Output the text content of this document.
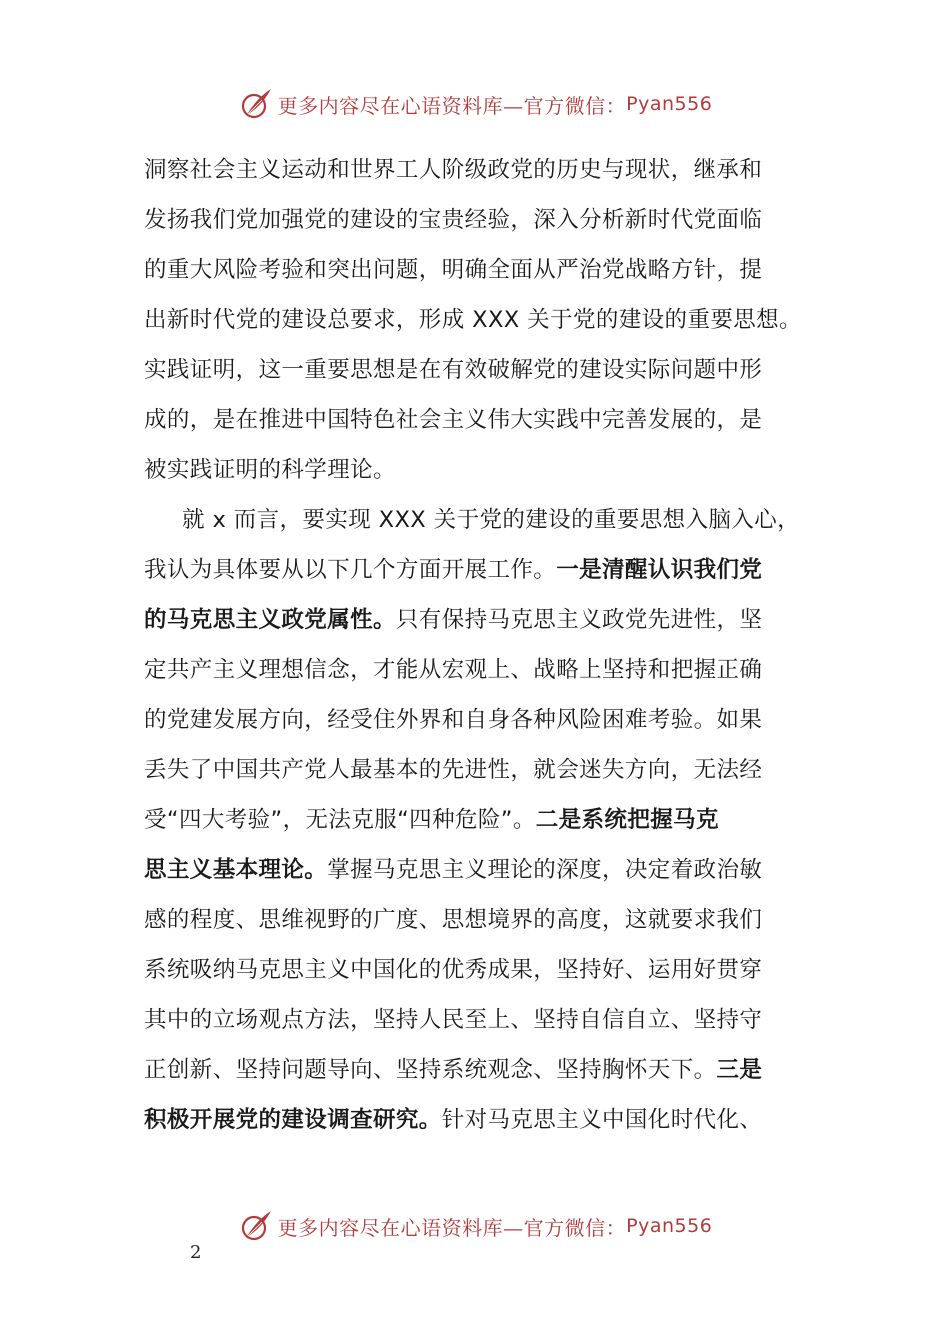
更多内容尽在心语资料库—官方微信： Pyan556
洞察社会主义运动和世界工人阶级政党的历史与现状，继承和
发扬我们党加强党的建设的宝贵经验，深入分析新时代党面临
的重大风险考验和突出问题，明确全面从严治党战略方针，提
出新时代党的建设总要求，形成 XXX 关于党的建设的重要思想。
实践证明，这一重要思想是在有效破解党的建设实际问题中形
成的，是在推进中国特色社会主义伟大实践中完善发展的，是
被实践证明的科学理论。
就 x 而言，要实现 XXX 关于党的建设的重要思想入脑入心，
我认为具体要从以下几个方面开展工作。一是清醒认识我们党
的马克思主义政党属性。只有保持马克思主义政党先进性，坚
定共产主义理想信念，才能从宏观上、战略上坚持和把握正确
的党建发展方向，经受住外界和自身各种风险困难考验。如果
丢失了中国共产党人最基本的先进性，就会迷失方向，无法经
受“四大考验”，无法克服“四种危险”。二是系统把握马克
思主义基本理论。掌握马克思主义理论的深度，决定着政治敏
感的程度、思维视野的广度、思想境界的高度，这就要求我们
系统吸纳马克思主义中国化的优秀成果，坚持好、运用好贯穿
其中的立场观点方法，坚持人民至上、坚持自信自立、坚持守
正创新、坚持问题导向、坚持系统观念、坚持胸怀天下。三是
积极开展党的建设调查研究。针对马克思主义中国化时代化、
更多内容尽在心语资料库—官方微信： Pyan556
2
